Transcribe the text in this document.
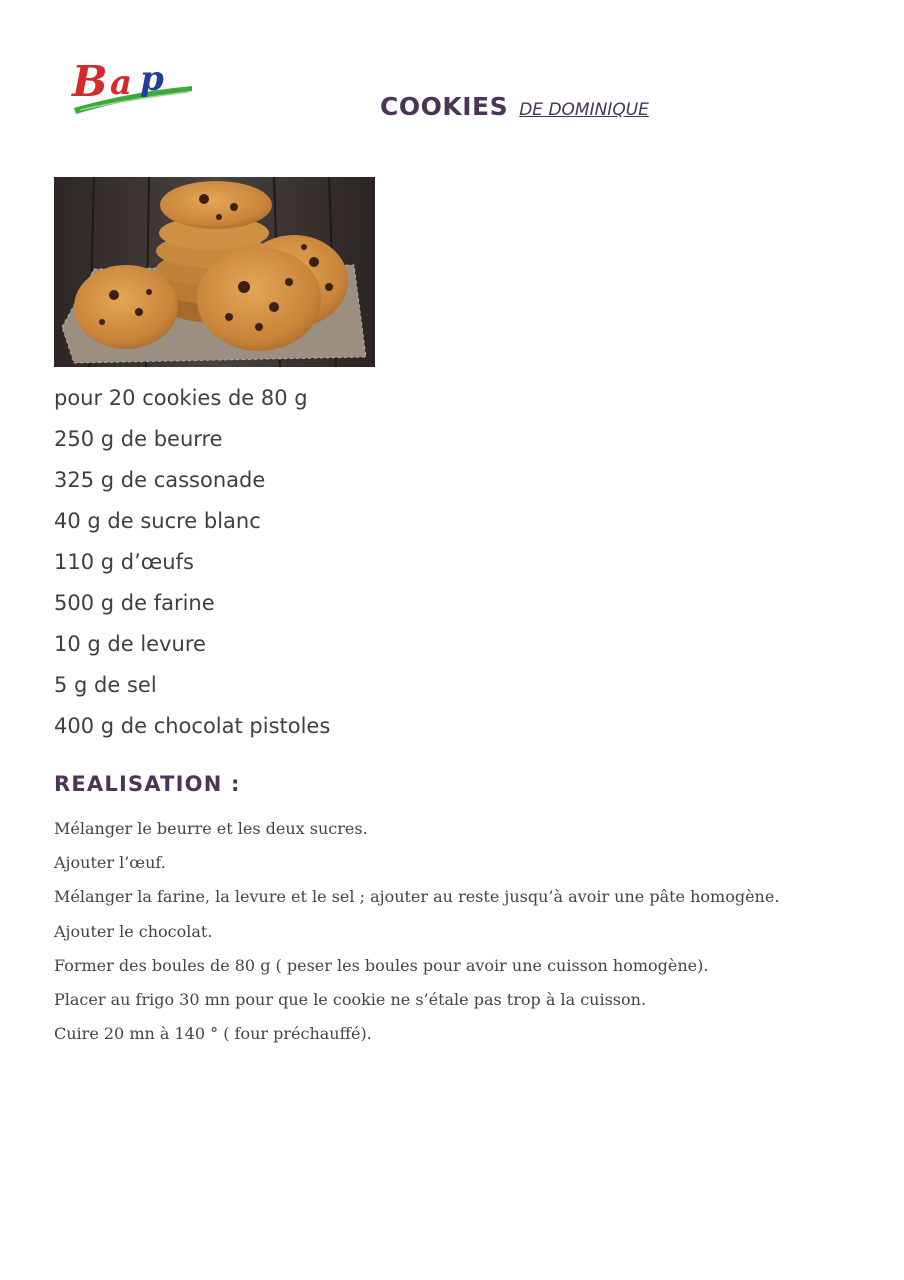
B a p
COOKIES DE DOMINIQUE
pour 20 cookies de 80 g
250 g de beurre
325 g de cassonade
40 g de sucre blanc
110 g d’œufs
500 g de farine
10 g de levure
5 g de sel
400 g de chocolat pistoles
REALISATION :
Mélanger le beurre et les deux sucres.
Ajouter l’œuf.
Mélanger la farine, la levure et le sel ; ajouter au reste jusqu’à avoir une pâte homogène.
Ajouter le chocolat.
Former des boules de 80 g ( peser les boules pour avoir une cuisson homogène).
Placer au frigo 30 mn pour que le cookie ne s’étale pas trop à la cuisson.
Cuire 20 mn à 140 ° ( four préchauffé).
